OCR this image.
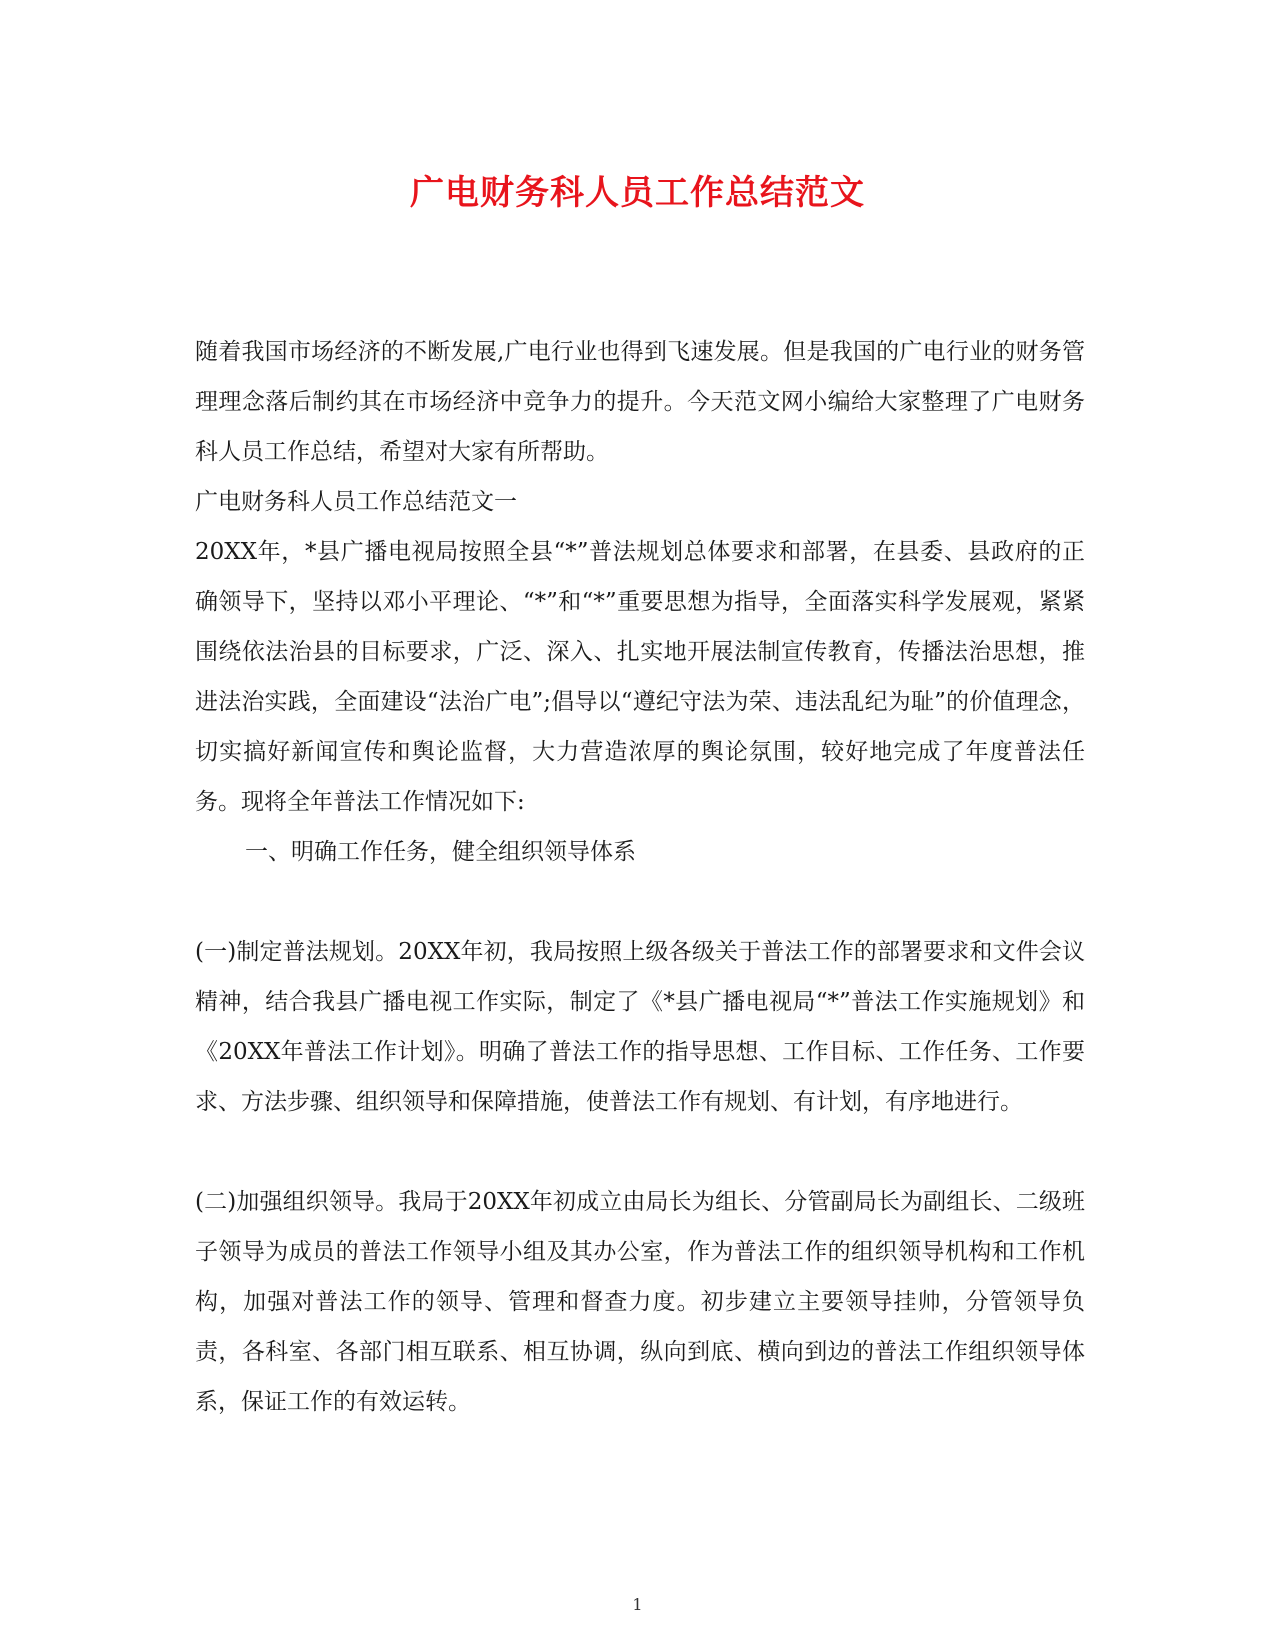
广电财务科人员工作总结范文

随着我国市场经济的不断发展,广电行业也得到飞速发展。但是我国的广电行业的财务管理理念落后制约其在市场经济中竞争力的提升。今天范文网小编给大家整理了广电财务科人员工作总结，希望对大家有所帮助。

广电财务科人员工作总结范文一

20XX年，*县广播电视局按照全县“*”普法规划总体要求和部署，在县委、县政府的正确领导下，坚持以邓小平理论、“*”和“*”重要思想为指导，全面落实科学发展观，紧紧围绕依法治县的目标要求，广泛、深入、扎实地开展法制宣传教育，传播法治思想，推进法治实践，全面建设“法治广电”;倡导以“遵纪守法为荣、违法乱纪为耻”的价值理念，切实搞好新闻宣传和舆论监督，大力营造浓厚的舆论氛围，较好地完成了年度普法任务。现将全年普法工作情况如下:

一、明确工作任务，健全组织领导体系

(一)制定普法规划。20XX年初，我局按照上级各级关于普法工作的部署要求和文件会议精神，结合我县广播电视工作实际，制定了《*县广播电视局“*”普法工作实施规划》和《20XX年普法工作计划》。明确了普法工作的指导思想、工作目标、工作任务、工作要求、方法步骤、组织领导和保障措施，使普法工作有规划、有计划，有序地进行。

(二)加强组织领导。我局于20XX年初成立由局长为组长、分管副局长为副组长、二级班子领导为成员的普法工作领导小组及其办公室，作为普法工作的组织领导机构和工作机构，加强对普法工作的领导、管理和督查力度。初步建立主要领导挂帅，分管领导负责，各科室、各部门相互联系、相互协调，纵向到底、横向到边的普法工作组织领导体系，保证工作的有效运转。

1
